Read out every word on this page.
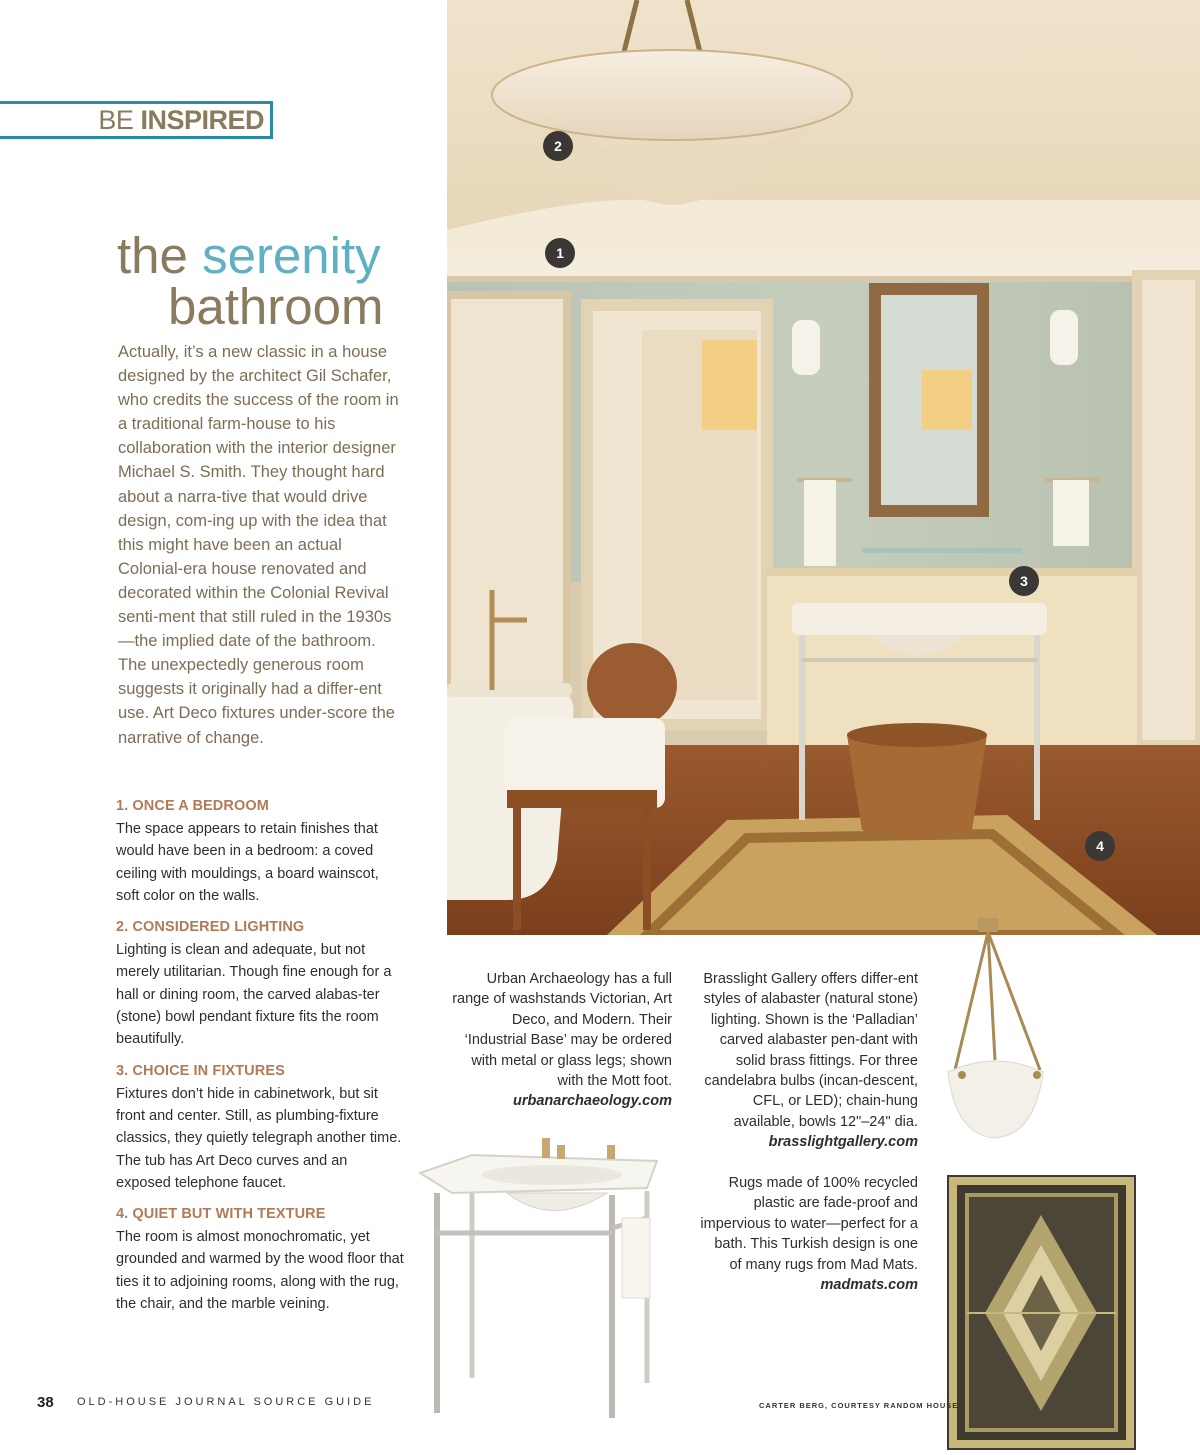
BE INSPIRED
the serenity
bathroom
Actually, it’s a new classic in a house designed by the architect Gil Schafer, who credits the success of the room in a traditional farm-house to his collaboration with the interior designer Michael S. Smith. They thought hard about a narra-tive that would drive design, com-ing up with the idea that this might have been an actual Colonial-era house renovated and decorated within the Colonial Revival senti-ment that still ruled in the 1930s—the implied date of the bathroom. The unexpectedly generous room suggests it originally had a differ-ent use. Art Deco fixtures under-score the narrative of change.
1. ONCE A BEDROOM

The space appears to retain finishes that would have been in a bedroom: a coved ceiling with mouldings, a board wainscot, soft color on the walls.

2. CONSIDERED LIGHTING

Lighting is clean and adequate, but not merely utilitarian. Though fine enough for a hall or dining room, the carved alabas-ter (stone) bowl pendant fixture fits the room beautifully.

3. CHOICE IN FIXTURES

Fixtures don’t hide in cabinetwork, but sit front and center. Still, as plumbing-fixture classics, they quietly telegraph another time. The tub has Art Deco curves and an exposed telephone faucet.

4. QUIET BUT WITH TEXTURE

The room is almost monochromatic, yet grounded and warmed by the wood floor that ties it to adjoining rooms, along with the rug, the chair, and the marble veining.

1
2
3
4
Urban Archaeology has a full range of washstands Victorian, Art Deco, and Modern. Their ‘Industrial Base’ may be ordered with metal or glass legs; shown with the Mott foot. urbanarchaeology.com
Brasslight Gallery offers differ-ent styles of alabaster (natural stone) lighting. Shown is the ‘Palladian’ carved alabaster pen-dant with solid brass fittings. For three candelabra bulbs (incan-descent, CFL, or LED); chain-hung available, bowls 12"–24" dia. brasslightgallery.com
Rugs made of 100% recycled plastic are fade-proof and impervious to water—perfect for a bath. This Turkish design is one of many rugs from Mad Mats. madmats.com
38 OLD-HOUSE JOURNAL SOURCE GUIDE	CARTER BERG, COURTESY RANDOM HOUSE
